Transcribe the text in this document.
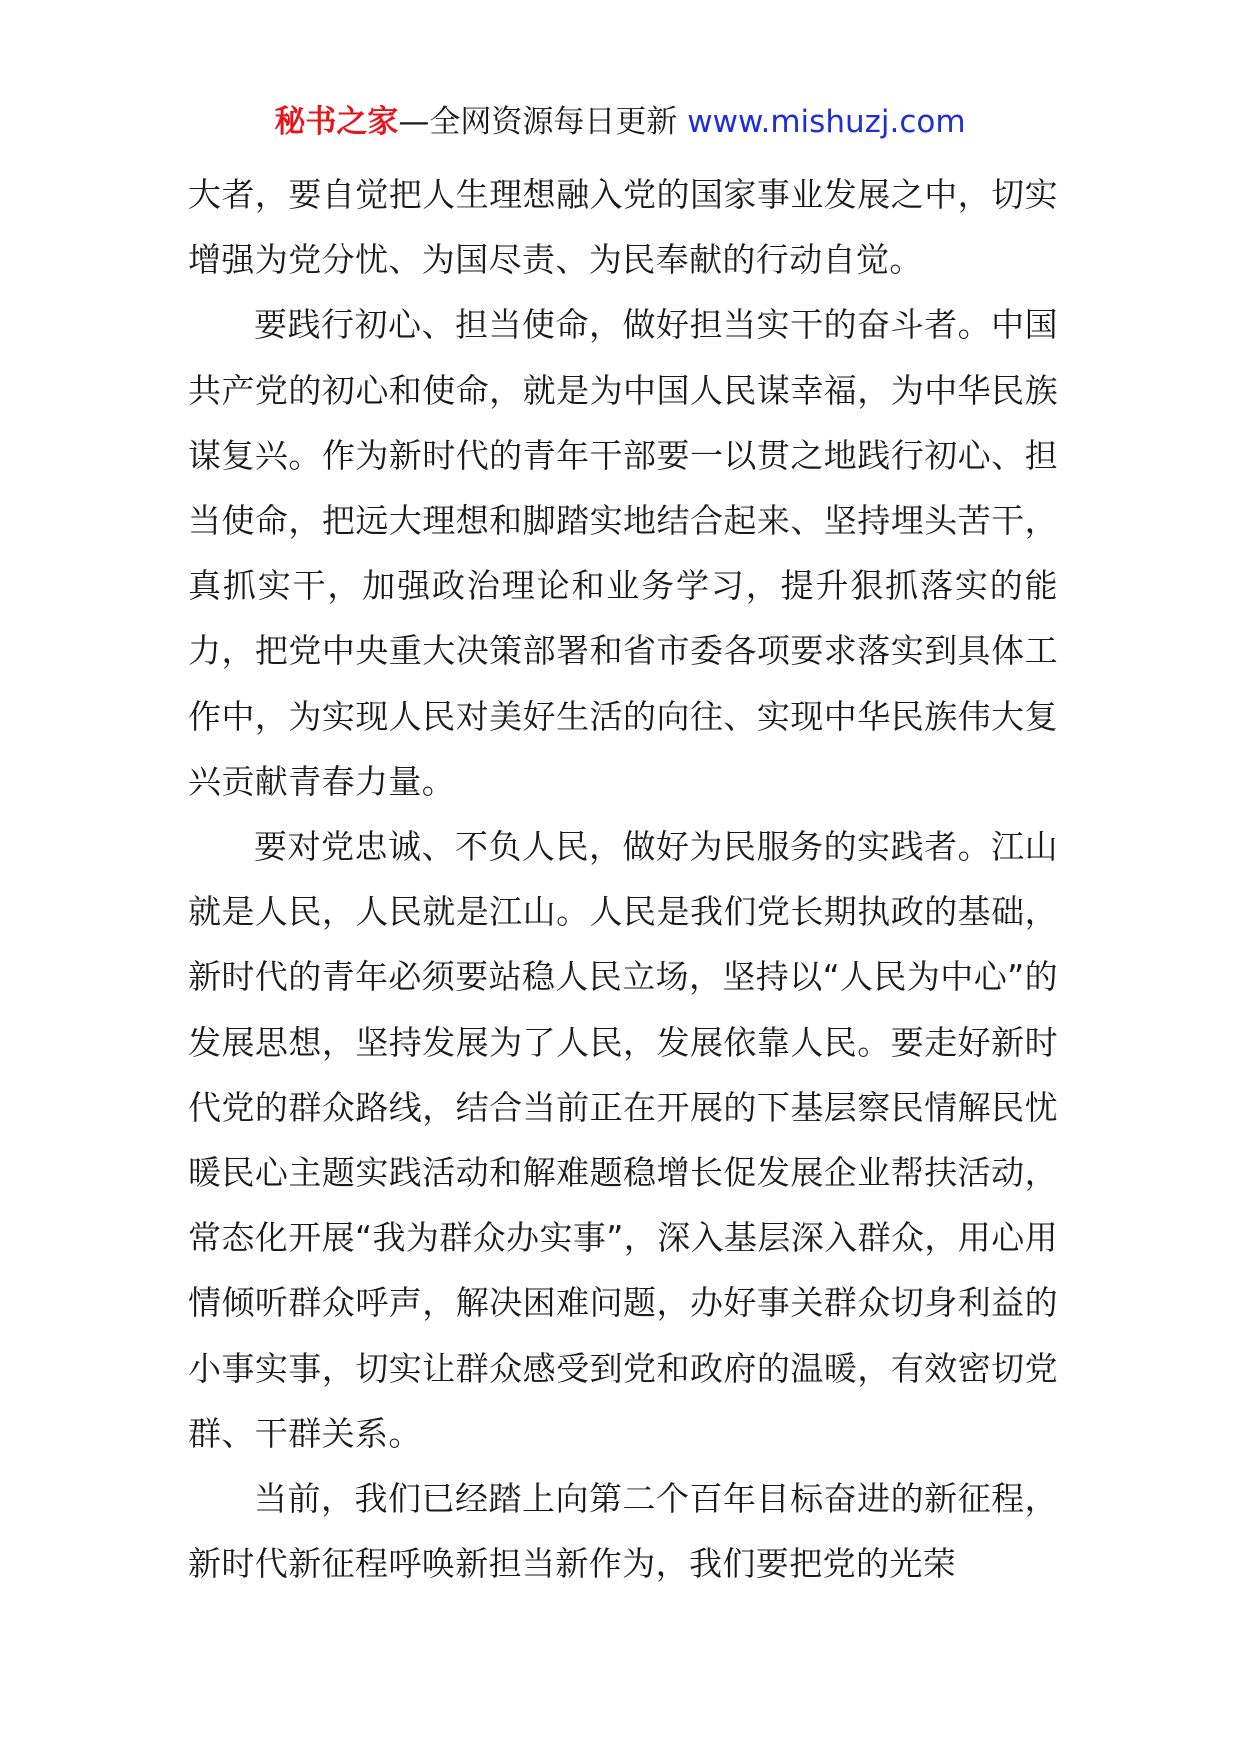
秘书之家—全网资源每日更新 www.mishuzj.com

大者，要自觉把人生理想融入党的国家事业发展之中，切实增强为党分忧、为国尽责、为民奉献的行动自觉。

要践行初心、担当使命，做好担当实干的奋斗者。中国共产党的初心和使命，就是为中国人民谋幸福，为中华民族谋复兴。作为新时代的青年干部要一以贯之地践行初心、担当使命，把远大理想和脚踏实地结合起来、坚持埋头苦干，真抓实干，加强政治理论和业务学习，提升狠抓落实的能力，把党中央重大决策部署和省市委各项要求落实到具体工作中，为实现人民对美好生活的向往、实现中华民族伟大复兴贡献青春力量。

要对党忠诚、不负人民，做好为民服务的实践者。江山就是人民，人民就是江山。人民是我们党长期执政的基础，新时代的青年必须要站稳人民立场，坚持以“人民为中心”的发展思想，坚持发展为了人民，发展依靠人民。要走好新时代党的群众路线，结合当前正在开展的下基层察民情解民忧暖民心主题实践活动和解难题稳增长促发展企业帮扶活动，常态化开展“我为群众办实事”，深入基层深入群众，用心用情倾听群众呼声，解决困难问题，办好事关群众切身利益的小事实事，切实让群众感受到党和政府的温暖，有效密切党群、干群关系。

当前，我们已经踏上向第二个百年目标奋进的新征程，新时代新征程呼唤新担当新作为，我们要把党的光荣
